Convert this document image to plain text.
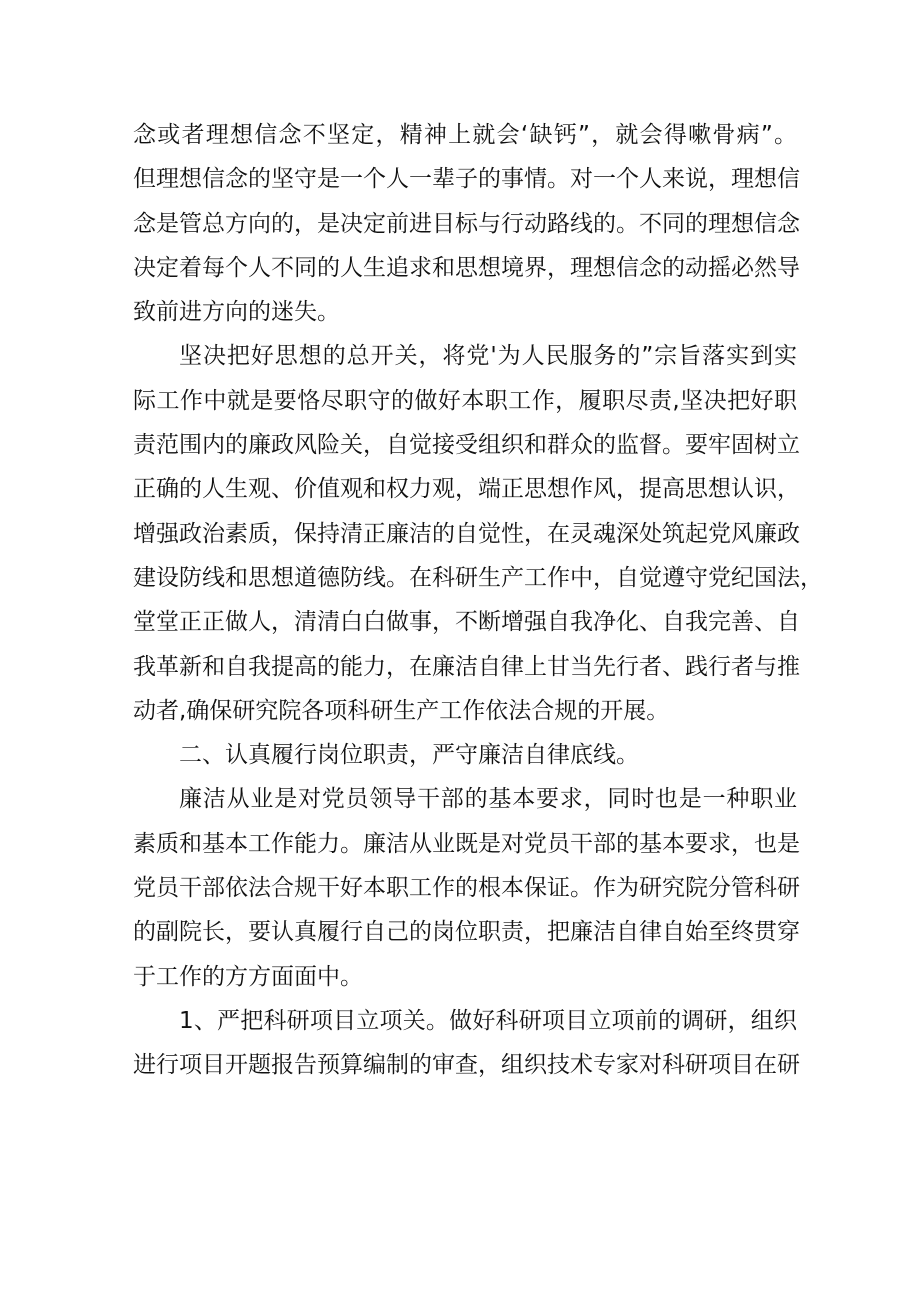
念或者理想信念不坚定，精神上就会‘缺钙”，就会得嗽骨病”。
但理想信念的坚守是一个人一辈子的事情。对一个人来说，理想信
念是管总方向的，是决定前进目标与行动路线的。不同的理想信念
决定着每个人不同的人生追求和思想境界，理想信念的动摇必然导
致前进方向的迷失。
坚决把好思想的总开关，将党'为人民服务的”宗旨落实到实
际工作中就是要恪尽职守的做好本职工作，履职尽责,坚决把好职
责范围内的廉政风险关，自觉接受组织和群众的监督。要牢固树立
正确的人生观、价值观和权力观，端正思想作风，提高思想认识，
增强政治素质，保持清正廉洁的自觉性，在灵魂深处筑起党风廉政
建设防线和思想道德防线。在科研生产工作中，自觉遵守党纪国法，
堂堂正正做人，清清白白做事，不断增强自我净化、自我完善、自
我革新和自我提高的能力，在廉洁自律上甘当先行者、践行者与推
动者,确保研究院各项科研生产工作依法合规的开展。
二、认真履行岗位职责，严守廉洁自律底线。
廉洁从业是对党员领导干部的基本要求，同时也是一种职业
素质和基本工作能力。廉洁从业既是对党员干部的基本要求，也是
党员干部依法合规干好本职工作的根本保证。作为研究院分管科研
的副院长，要认真履行自己的岗位职责，把廉洁自律自始至终贯穿
于工作的方方面面中。
1、严把科研项目立项关。做好科研项目立项前的调研，组织
进行项目开题报告预算编制的审查，组织技术专家对科研项目在研
